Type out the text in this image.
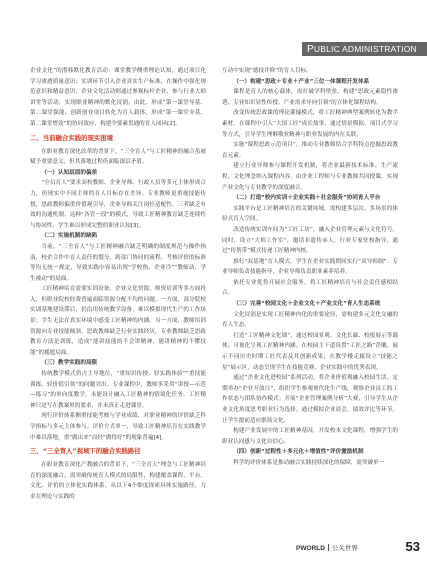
PUBLIC ADMINISTRATION
企业文化”的潜移默化教育活动：课堂教学侧重理论认知，通过项目化学习渗透质量意识；实训环节引入企业真实生产标准，在操作中强化规范意识和精益意识；企业文化活动则通过参观标杆企业、参与行业大师讲堂等活动，实现职业精神的默化浸润。由此，形成“第一课堂导基、第二课堂强能、创新创业项目转化为育人载体，形成“第一课堂夯基、第二课堂增效”的协同效应，构建全要素贯通的育人闭环[2]。
二、当前融合实践的现实困境
在职业教育深化改革的背景下，“三全育人”与工匠精神的融合虽被赋予重要意义，但其落地过程仍面临深层矛盾。
（一）认知层面的偏差
“全员育人”要求高校教师、企业导师、行政人员等多元主体形成合力，但现实中不同主体的育人目标存在差异。专业教师更重视技能传授，思政教师偏重价值观引导，企业导师关注岗位适配性，三者缺乏有效的沟通机制。这种“各管一段”的模式，导致工匠精神教育缺乏连续性与协同性，学生难以形成完整的职业认知[3]。
（二）实施机制的缺陷
当前，“三全育人”与工匠精神融合缺乏明确的制度规范与操作指南，校企合作中育人责任的划分、跨部门协同的流程、考核评价的标准等均无统一规定，导致实践中容易出现“学校热、企业冷”“教师动、学生被动”的局面。
工匠精神培育需要实训设备、企业文化资源、师资培训等多方面投入，但职业院校经费普遍面临资源分配不均的问题。一方面，部分院校实训基地建设滞后，仍沿用传统教学设备，难以模拟现代生产的工作场景；学生无法在真实环境中感受工匠精神的内涵。另一方面，教师培训资源向专业技能倾斜，思政教师缺乏行业实践经历，专业教师缺乏思政教育方法论训练，造成“能讲技能的不会讲精神，能讲精神的不懂技能”的尴尬局面。
（三）教学实践的局限
传统教学模式仍占主导地位，“重知识传授、轻实践体验”“重技能训练、轻价值引领”的问题突出。专业课程中，教师多采用“讲授—示范—练习”的单向度教学，未能设计融入工匠精神的情境化任务。工匠精神只是写在教案里的要求，并未真正走进课堂。
现行评价体系侧重技能考核与学业成绩，对职业精神的评价缺乏科学指标与多元主体参与。评价方式单一，导致工匠精神培育在实践教学中难以落地，重“做出来”而轻“做得好”的现象普遍[4]。
三、“三全育人”视域下的融合实践路径
在职业教育深化产教融合的背景下，“三全育人”理念与工匠精神培育的深度融合，需突破传统育人模式的局限性，构建覆盖课程、平台、文化、评价的立体化实践体系。从以下4个维度探索具体实施路径，力求在理论与实践的
互动中实现“德技并修”的育人目标。
（一）构建“思政＋专业＋产业”三位一体课程开发体系
课程是育人的核心载体，需打破学科壁垒，构建“思政元素隐性渗透、专业知识显性传授、产业需求导向引领”的立体化课程结构。
改变传统思政课的理论灌输模式，将工匠精神典型案例转化为教学素材。在课程中引入“大国工匠”成长故事，通过情景模拟、项目式学习等方式，引导学生理解敬业精神与职业发展的内在关联。
实施“课程思政示范项目”，推动专业教师结合学科特点挖掘思政教育元素。
建立行业导师参与课程开发机制，将企业最新技术标准、生产流程、文化理念纳入课程内容。由企业工程师与专业教师共同授课，实现产业文化与专业教学的深度融合。
（二）打造“校内实训＋企业实践＋社会服务”协同育人平台
实践平台是工匠精神培育的关键场域，需构建多层次、多场景的体验式育人空间。
改造传统实训车间为“工匠工坊”，融入企业管理元素与文化符号。同时，设立“大师工作室”，邀请非遗传承人、行业专家驻校指导，通过“传帮带”模式传递工匠精神内核。
推行“双基地”育人模式，学生在企业实践期间实行“双导师制”：专业导师负责技能指导，企业导师负责职业素养培养。
依托专业优势开展社会服务，将工匠精神培育与社会责任感相结合。
（三）完善“校园文化＋企业文化＋产业文化”育人生态系统
文化浸润是实现工匠精神内化的重要途径，需构建多元文化交融的育人生态。
打造“工匠精神文化墙”，通过校园景观、文化长廊、校报展示等载体，可视化呈现工匠精神内涵。在校园主干道设置“工匠之路”浮雕，展示不同历史时期工匠代表及其创新成果；在教学楼走廊设立“技能之星”展示区，动态呈现学生在技能竞赛、企业实践中的优秀表现。
通过“企业文化进校园”系列活动，将企业价值观融入校园生活。定期举办“企业开放日”，组织学生参观现代化生产线，观察企业员工的工作状态与团队协作模式；开展“企业管理案例分析”大赛，引导学生从企业文化角度思考职业行为选择。通过模拟企业晨会、绩效评比等环节，让学生提前适应职场文化。
构建产业发展中的工匠精神基因，开发校本文化课程，增强学生的职业认同感与文化自信心。
（四）创新“过程性＋多元化＋增值性”评价激励机制
科学的评价体系是推动融合实践持续深化的保障，需突破单一
PWORLD 公关世界	53
